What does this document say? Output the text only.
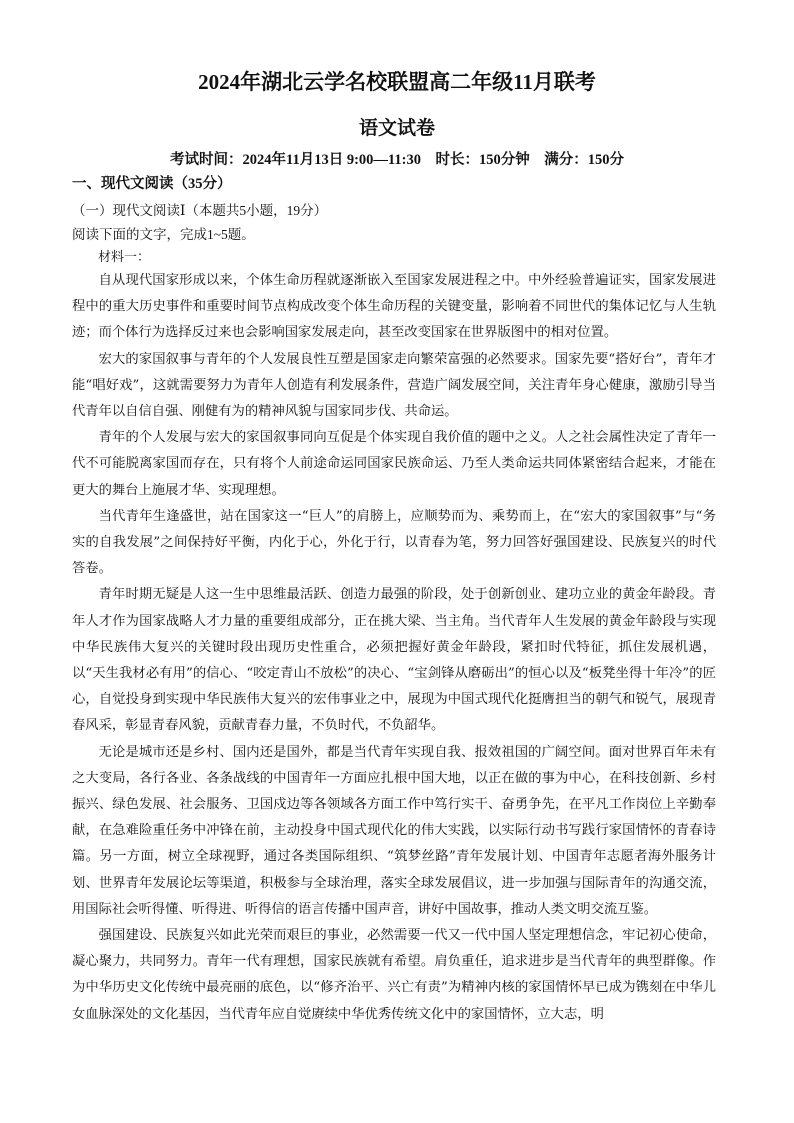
2024年湖北云学名校联盟高二年级11月联考
语文试卷
考试时间：2024年11月13日 9:00—11:30　时长：150分钟　满分：150分
一、现代文阅读（35分）
（一）现代文阅读Ⅰ（本题共5小题，19分）
阅读下面的文字，完成1~5题。
材料一：

自从现代国家形成以来，个体生命历程就逐渐嵌入至国家发展进程之中。中外经验普遍证实，国家发展进程中的重大历史事件和重要时间节点构成改变个体生命历程的关键变量，影响着不同世代的集体记忆与人生轨迹；而个体行为选择反过来也会影响国家发展走向，甚至改变国家在世界版图中的相对位置。

宏大的家国叙事与青年的个人发展良性互塑是国家走向繁荣富强的必然要求。国家先要“搭好台”，青年才能“唱好戏”，这就需要努力为青年人创造有利发展条件，营造广阔发展空间，关注青年身心健康，激励引导当代青年以自信自强、刚健有为的精神风貌与国家同步伐、共命运。

青年的个人发展与宏大的家国叙事同向互促是个体实现自我价值的题中之义。人之社会属性决定了青年一代不可能脱离家国而存在，只有将个人前途命运同国家民族命运、乃至人类命运共同体紧密结合起来，才能在更大的舞台上施展才华、实现理想。

当代青年生逢盛世，站在国家这一“巨人”的肩膀上，应顺势而为、乘势而上，在“宏大的家国叙事”与“务实的自我发展”之间保持好平衡，内化于心，外化于行，以青春为笔，努力回答好强国建设、民族复兴的时代答卷。

青年时期无疑是人这一生中思维最活跃、创造力最强的阶段，处于创新创业、建功立业的黄金年龄段。青年人才作为国家战略人才力量的重要组成部分，正在挑大梁、当主角。当代青年人生发展的黄金年龄段与实现中华民族伟大复兴的关键时段出现历史性重合，必须把握好黄金年龄段，紧扣时代特征，抓住发展机遇，以“天生我材必有用”的信心、“咬定青山不放松”的决心、“宝剑锋从磨砺出”的恒心以及“板凳坐得十年冷”的匠心，自觉投身到实现中华民族伟大复兴的宏伟事业之中，展现为中国式现代化挺膺担当的朝气和锐气，展现青春风采，彰显青春风貌，贡献青春力量，不负时代，不负韶华。

无论是城市还是乡村、国内还是国外，都是当代青年实现自我、报效祖国的广阔空间。面对世界百年未有之大变局，各行各业、各条战线的中国青年一方面应扎根中国大地，以正在做的事为中心，在科技创新、乡村振兴、绿色发展、社会服务、卫国戍边等各领域各方面工作中笃行实干、奋勇争先，在平凡工作岗位上辛勤奉献，在急难险重任务中冲锋在前，主动投身中国式现代化的伟大实践，以实际行动书写践行家国情怀的青春诗篇。另一方面，树立全球视野，通过各类国际组织、“筑梦丝路”青年发展计划、中国青年志愿者海外服务计划、世界青年发展论坛等渠道，积极参与全球治理，落实全球发展倡议，进一步加强与国际青年的沟通交流，用国际社会听得懂、听得进、听得信的语言传播中国声音，讲好中国故事，推动人类文明交流互鉴。

强国建设、民族复兴如此光荣而艰巨的事业，必然需要一代又一代中国人坚定理想信念，牢记初心使命，凝心聚力，共同努力。青年一代有理想，国家民族就有希望。肩负重任，追求进步是当代青年的典型群像。作为中华历史文化传统中最亮丽的底色，以“修齐治平、兴亡有责”为精神内核的家国情怀早已成为镌刻在中华儿女血脉深处的文化基因，当代青年应自觉赓续中华优秀传统文化中的家国情怀，立大志，明
